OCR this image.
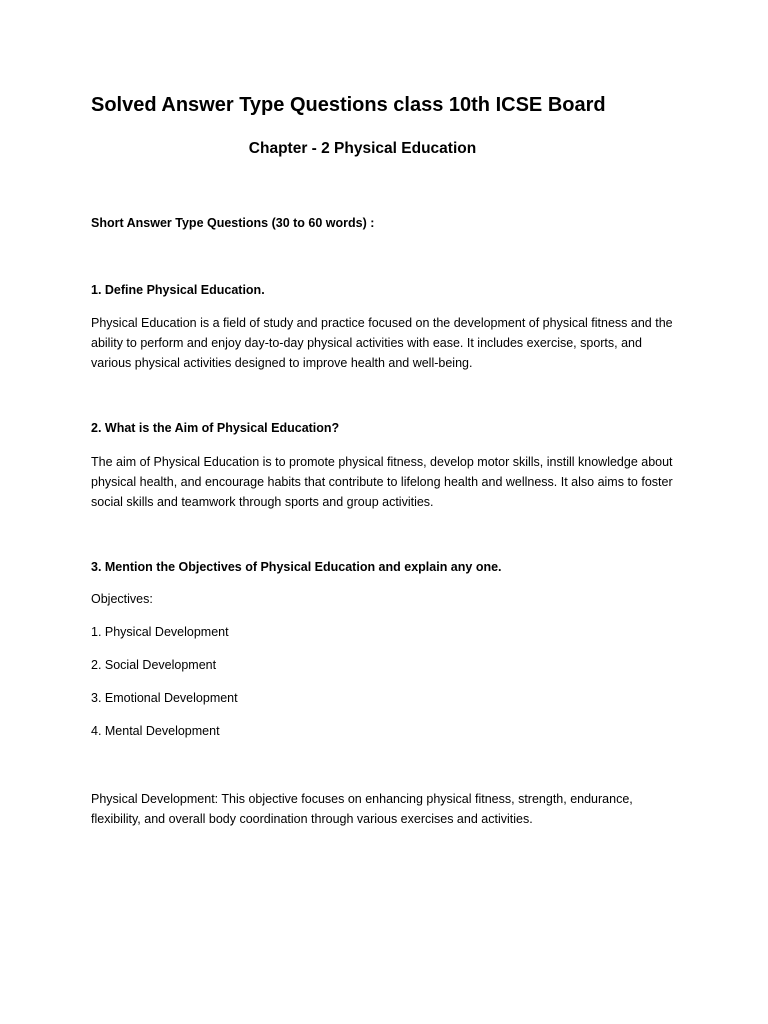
Solved Answer Type Questions class 10th ICSE Board
Chapter - 2 Physical Education

Short Answer Type Questions (30 to 60 words) :

1. Define Physical Education.

Physical Education is a field of study and practice focused on the development of physical fitness and the ability to perform and enjoy day-to-day physical activities with ease. It includes exercise, sports, and various physical activities designed to improve health and well-being.

2. What is the Aim of Physical Education?

The aim of Physical Education is to promote physical fitness, develop motor skills, instill knowledge about physical health, and encourage habits that contribute to lifelong health and wellness. It also aims to foster social skills and teamwork through sports and group activities.

3. Mention the Objectives of Physical Education and explain any one.

Objectives:

1. Physical Development

2. Social Development

3. Emotional Development

4. Mental Development

Physical Development: This objective focuses on enhancing physical fitness, strength, endurance, flexibility, and overall body coordination through various exercises and activities.
